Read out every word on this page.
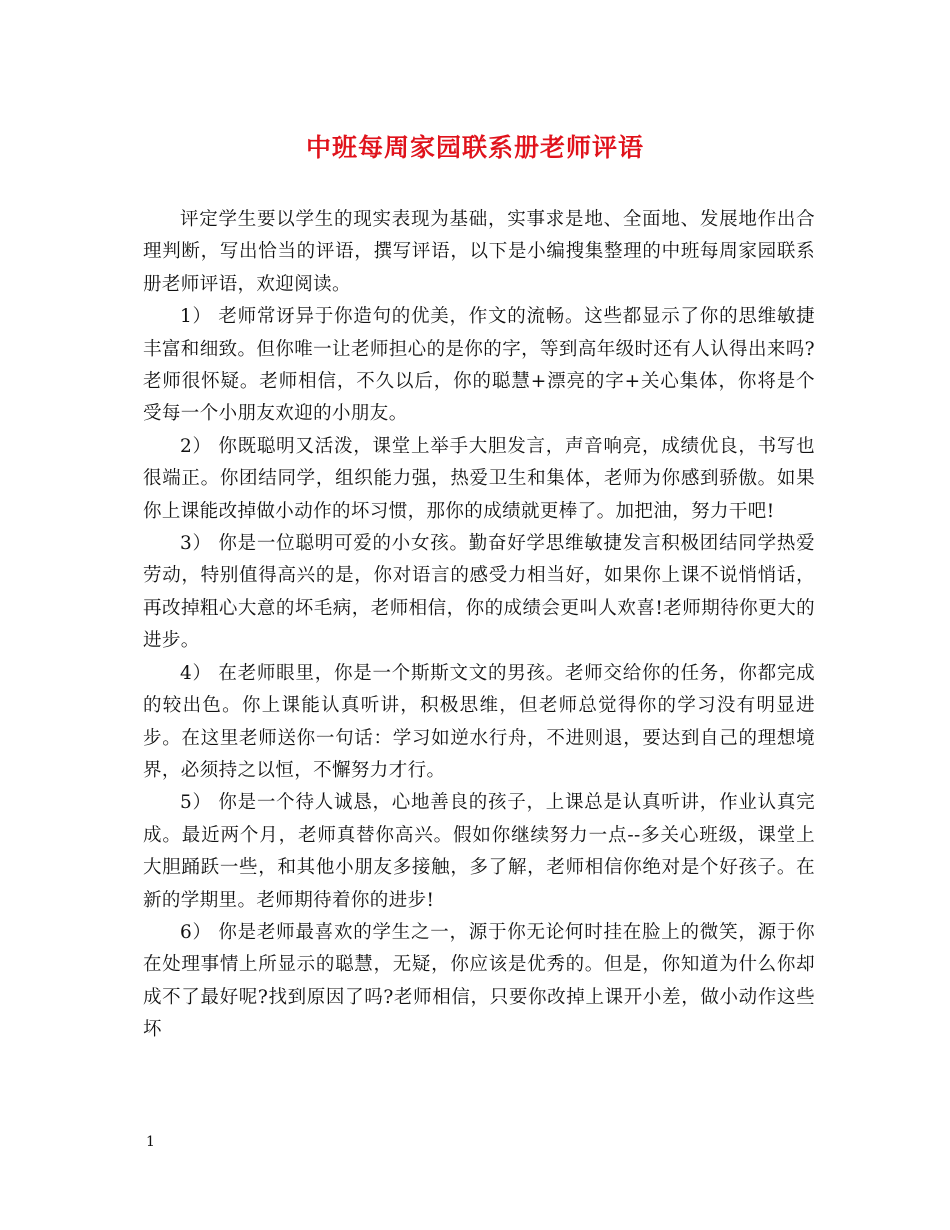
中班每周家园联系册老师评语

评定学生要以学生的现实表现为基础，实事求是地、全面地、发展地作出合理判断，写出恰当的评语，撰写评语，以下是小编搜集整理的中班每周家园联系册老师评语，欢迎阅读。

1） 老师常讶异于你造句的优美，作文的流畅。这些都显示了你的思维敏捷丰富和细致。但你唯一让老师担心的是你的字，等到高年级时还有人认得出来吗?老师很怀疑。老师相信，不久以后，你的聪慧+漂亮的字+关心集体，你将是个受每一个小朋友欢迎的小朋友。

2） 你既聪明又活泼，课堂上举手大胆发言，声音响亮，成绩优良，书写也很端正。你团结同学，组织能力强，热爱卫生和集体，老师为你感到骄傲。如果你上课能改掉做小动作的坏习惯，那你的成绩就更棒了。加把油，努力干吧!

3） 你是一位聪明可爱的小女孩。勤奋好学思维敏捷发言积极团结同学热爱劳动，特别值得高兴的是，你对语言的感受力相当好，如果你上课不说悄悄话，再改掉粗心大意的坏毛病，老师相信，你的成绩会更叫人欢喜!老师期待你更大的进步。

4） 在老师眼里，你是一个斯斯文文的男孩。老师交给你的任务，你都完成的较出色。你上课能认真听讲，积极思维，但老师总觉得你的学习没有明显进步。在这里老师送你一句话：学习如逆水行舟，不进则退，要达到自己的理想境界，必须持之以恒，不懈努力才行。

5） 你是一个待人诚恳，心地善良的孩子，上课总是认真听讲，作业认真完成。最近两个月，老师真替你高兴。假如你继续努力一点--多关心班级，课堂上大胆踊跃一些，和其他小朋友多接触，多了解，老师相信你绝对是个好孩子。在新的学期里。老师期待着你的进步!

6） 你是老师最喜欢的学生之一，源于你无论何时挂在脸上的微笑，源于你在处理事情上所显示的聪慧，无疑，你应该是优秀的。但是，你知道为什么你却成不了最好呢?找到原因了吗?老师相信，只要你改掉上课开小差，做小动作这些坏

1
